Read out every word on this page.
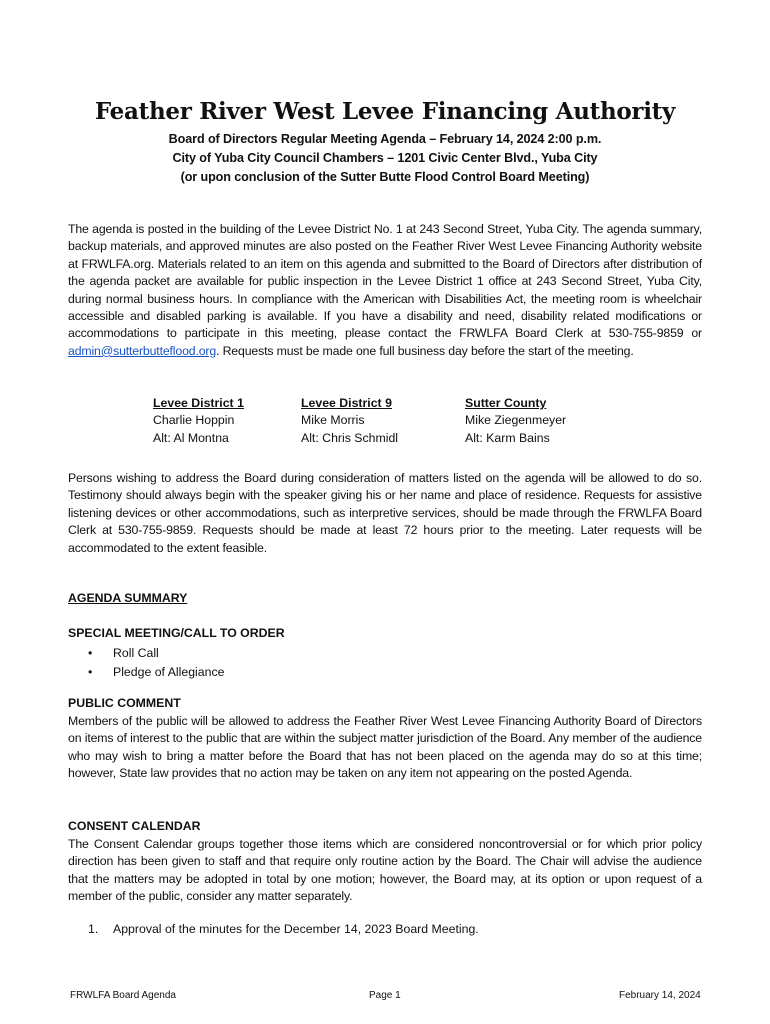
Feather River West Levee Financing Authority
Board of Directors Regular Meeting Agenda – February 14, 2024 2:00 p.m.
City of Yuba City Council Chambers – 1201 Civic Center Blvd., Yuba City
(or upon conclusion of the Sutter Butte Flood Control Board Meeting)

The agenda is posted in the building of the Levee District No. 1 at 243 Second Street, Yuba City. The agenda summary, backup materials, and approved minutes are also posted on the Feather River West Levee Financing Authority website at FRWLFA.org. Materials related to an item on this agenda and submitted to the Board of Directors after distribution of the agenda packet are available for public inspection in the Levee District 1 office at 243 Second Street, Yuba City, during normal business hours. In compliance with the American with Disabilities Act, the meeting room is wheelchair accessible and disabled parking is available. If you have a disability and need, disability related modifications or accommodations to participate in this meeting, please contact the FRWLFA Board Clerk at 530-755-9859 or admin@sutterbutteflood.org. Requests must be made one full business day before the start of the meeting.

Levee District 1
Charlie Hoppin
Alt: Al Montna
Levee District 9
Mike Morris
Alt: Chris Schmidl
Sutter County
Mike Ziegenmeyer
Alt: Karm Bains

Persons wishing to address the Board during consideration of matters listed on the agenda will be allowed to do so. Testimony should always begin with the speaker giving his or her name and place of residence. Requests for assistive listening devices or other accommodations, such as interpretive services, should be made through the FRWLFA Board Clerk at 530-755-9859. Requests should be made at least 72 hours prior to the meeting. Later requests will be accommodated to the extent feasible.

AGENDA SUMMARY

SPECIAL MEETING/CALL TO ORDER

• Roll Call
• Pledge of Allegiance

PUBLIC COMMENT

Members of the public will be allowed to address the Feather River West Levee Financing Authority Board of Directors on items of interest to the public that are within the subject matter jurisdiction of the Board. Any member of the audience who may wish to bring a matter before the Board that has not been placed on the agenda may do so at this time; however, State law provides that no action may be taken on any item not appearing on the posted Agenda.

CONSENT CALENDAR

The Consent Calendar groups together those items which are considered noncontroversial or for which prior policy direction has been given to staff and that require only routine action by the Board. The Chair will advise the audience that the matters may be adopted in total by one motion; however, the Board may, at its option or upon request of a member of the public, consider any matter separately.

1. Approval of the minutes for the December 14, 2023 Board Meeting.
FRWLFA Board Agenda	Page 1	February 14, 2024
